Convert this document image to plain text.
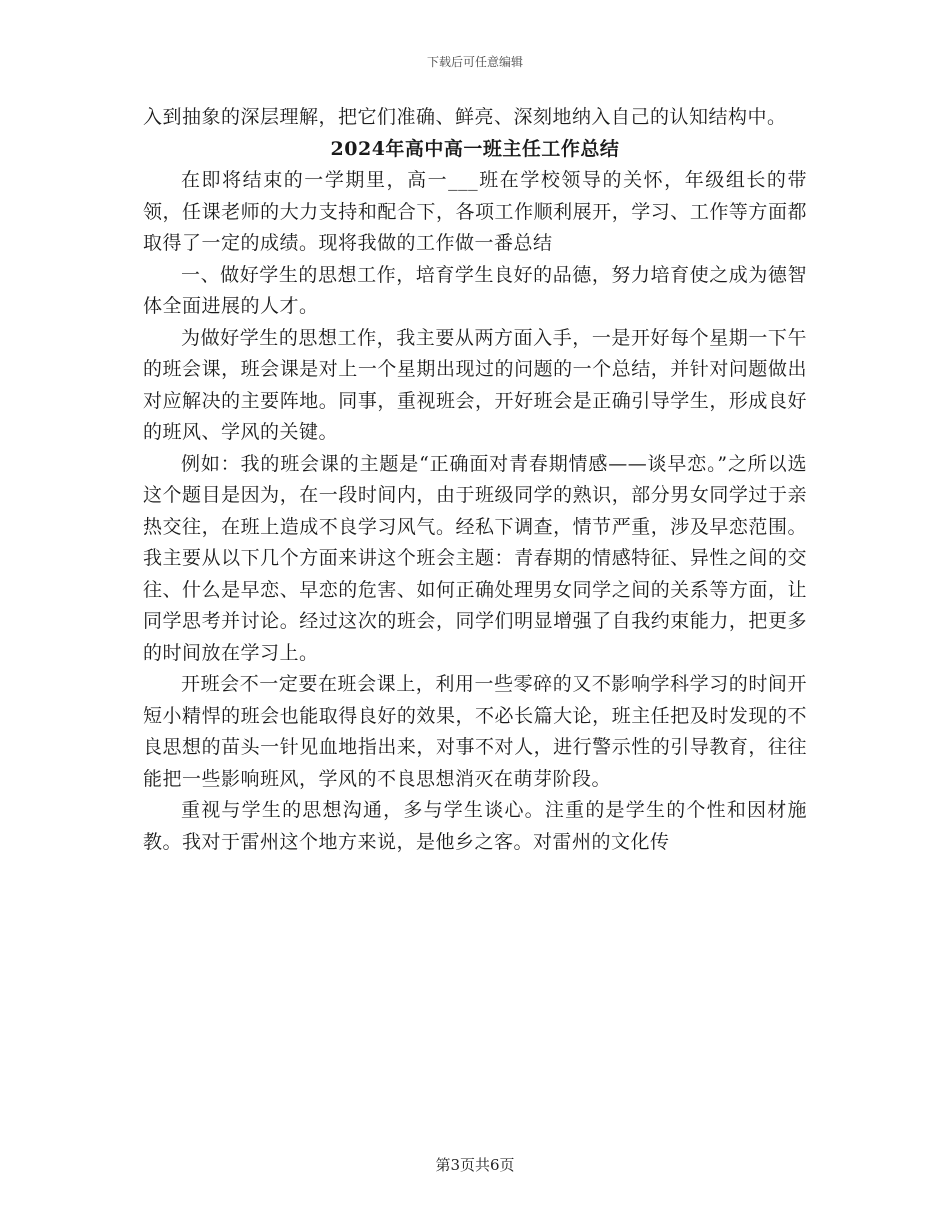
下载后可任意编辑

入到抽象的深层理解，把它们准确、鲜亮、深刻地纳入自己的认知结构中。

2024年高中高一班主任工作总结

在即将结束的一学期里，高一___班在学校领导的关怀，年级组长的带领，任课老师的大力支持和配合下，各项工作顺利展开，学习、工作等方面都取得了一定的成绩。现将我做的工作做一番总结

一、做好学生的思想工作，培育学生良好的品德，努力培育使之成为德智体全面进展的人才。

为做好学生的思想工作，我主要从两方面入手，一是开好每个星期一下午的班会课，班会课是对上一个星期出现过的问题的一个总结，并针对问题做出对应解决的主要阵地。同事，重视班会，开好班会是正确引导学生，形成良好的班风、学风的关键。

例如：我的班会课的主题是“正确面对青春期情感——谈早恋。”之所以选这个题目是因为，在一段时间内，由于班级同学的熟识，部分男女同学过于亲热交往，在班上造成不良学习风气。经私下调查，情节严重，涉及早恋范围。我主要从以下几个方面来讲这个班会主题：青春期的情感特征、异性之间的交往、什么是早恋、早恋的危害、如何正确处理男女同学之间的关系等方面，让同学思考并讨论。经过这次的班会，同学们明显增强了自我约束能力，把更多的时间放在学习上。

开班会不一定要在班会课上，利用一些零碎的又不影响学科学习的时间开短小精悍的班会也能取得良好的效果，不必长篇大论，班主任把及时发现的不良思想的苗头一针见血地指出来，对事不对人，进行警示性的引导教育，往往能把一些影响班风，学风的不良思想消灭在萌芽阶段。

重视与学生的思想沟通，多与学生谈心。注重的是学生的个性和因材施教。我对于雷州这个地方来说，是他乡之客。对雷州的文化传

第3页共6页
